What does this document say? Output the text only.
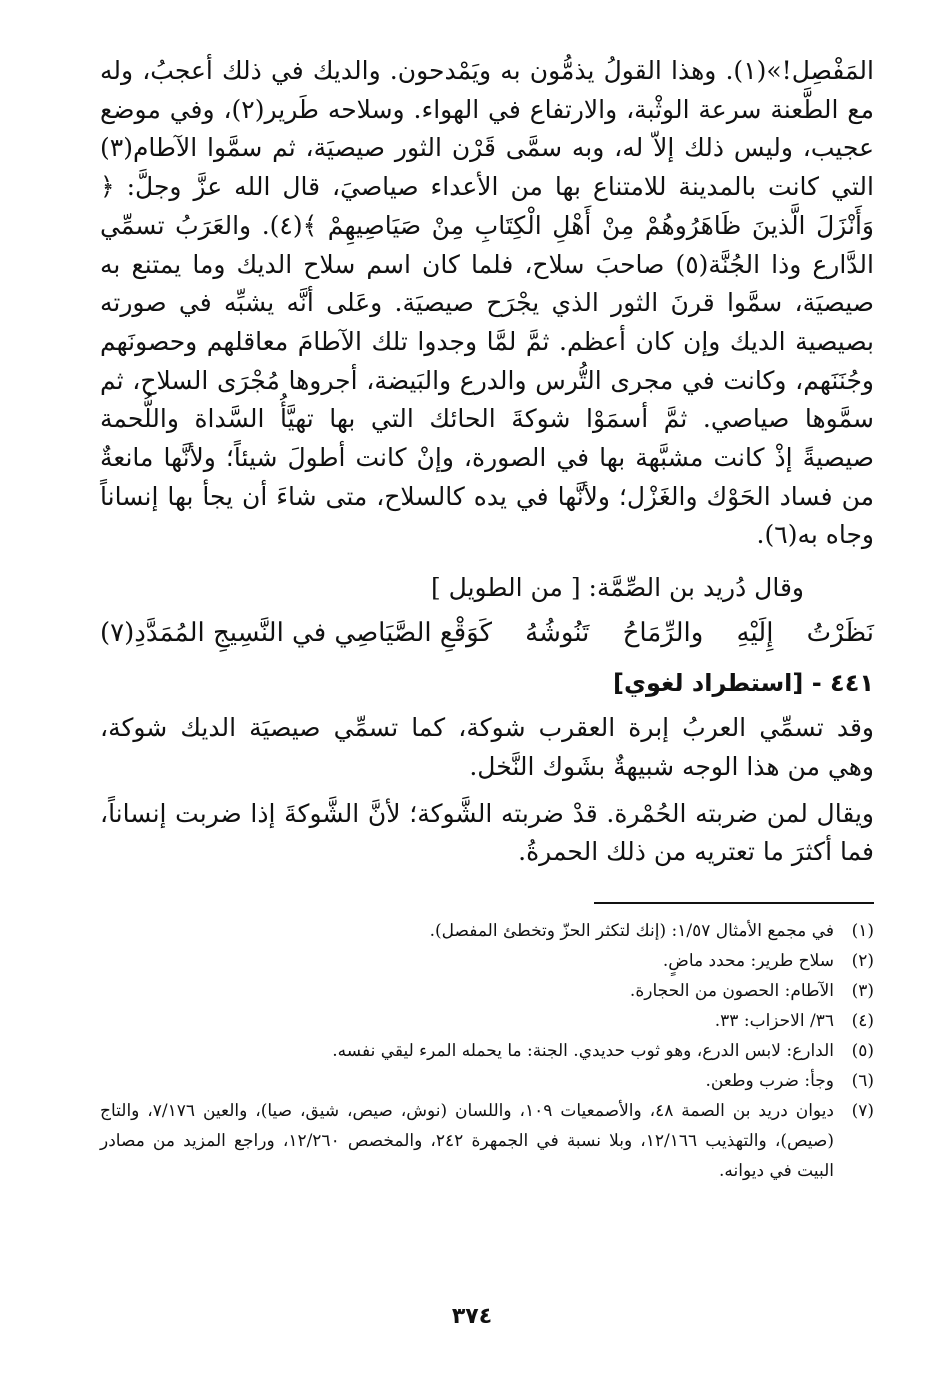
المَفْصِل!»(١). وهذا القولُ يذمُّون به ويَمْدحون. والديك في ذلك أعجبُ، وله مع الطَّعنة سرعة الوثْبة، والارتفاع في الهواء. وسلاحه طَرير(٢)، وفي موضع عجيب، وليس ذلك إلاّ له، وبه سمَّى قَرْن الثور صيصيَة، ثم سمَّوا الآطام(٣) التي كانت بالمدينة للامتناع بها من الأعداء صياصيَ، قال الله عزَّ وجلَّ: ﴿ وَأَنْزَلَ الَّذينَ ظَاهَرُوهُمْ مِنْ أَهْلِ الْكِتَابِ مِنْ صَيَاصِيهِمْ ﴾(٤). والعَرَبُ تسمِّي الدَّارع وذا الجُنَّة(٥) صاحبَ سلاح، فلما كان اسم سلاح الديك وما يمتنع به صيصيَة، سمَّوا قرنَ الثور الذي يجْرَح صيصيَة. وعَلى أنَّه يشبِّه في صورته بصيصية الديك وإن كان أعظم. ثمَّ لمَّا وجدوا تلك الآطامَ معاقلهم وحصونَهم وجُنَنَهم، وكانت في مجرى التُّرس والدرع والبَيضة، أجروها مُجْرَى السلاح، ثم سمَّوها صياصي. ثمَّ أسمَوْا شوكةَ الحائك التي بها تهيَّأُ السَّداة واللُّحمة صيصيةً إذْ كانت مشبَّهة بها في الصورة، وإنْ كانت أطولَ شيئاً؛ ولأنَّها مانعةٌ من فساد الحَوْك والغَزْل؛ ولأنَّها في يده كالسلاح، متى شاءَ أن يجأ بها إنساناً وجاه به(٦).

وقال دُريد بن الصِّمَّة: [ من الطويل ]

نَظَرْتُ
إِلَيْهِ
والرِّمَاحُ
تَنُوشُهُ
كَوَقْعِ الصَّيَاصِي في النَّسِيجِ المُمَدَّدِ(٧)
٤٤١ - [استطراد لغوي]

وقد تسمِّي العربُ إبرة العقرب شوكة، كما تسمِّي صيصيَة الديك شوكة، وهي من هذا الوجه شبيهةٌ بشَوك النَّخل.

ويقال لمن ضربته الحُمْرة. قدْ ضربته الشَّوكة؛ لأنَّ الشَّوكةَ إذا ضربت إنساناً، فما أكثرَ ما تعتريه من ذلك الحمرةُ.

(١)
في مجمع الأمثال ١/٥٧: (إنك لتكثر الحزّ وتخطئ المفصل).
(٢)
سلاح طرير: محدد ماضٍ.
(٣)
الآطام: الحصون من الحجارة.
(٤)
٣٦/ الاحزاب: ٣٣.
(٥)
الدارع: لابس الدرع، وهو ثوب حديدي. الجنة: ما يحمله المرء ليقي نفسه.
(٦)
وجأ: ضرب وطعن.
(٧)
ديوان دريد بن الصمة ٤٨، والأصمعيات ١٠٩، واللسان (نوش، صيص، شيق، صيا)، والعين ٧/١٧٦، والتاج (صيص)، والتهذيب ١٢/١٦٦، وبلا نسبة في الجمهرة ٢٤٢، والمخصص ١٢/٢٦٠، وراجع المزيد من مصادر البيت في ديوانه.
٣٧٤
